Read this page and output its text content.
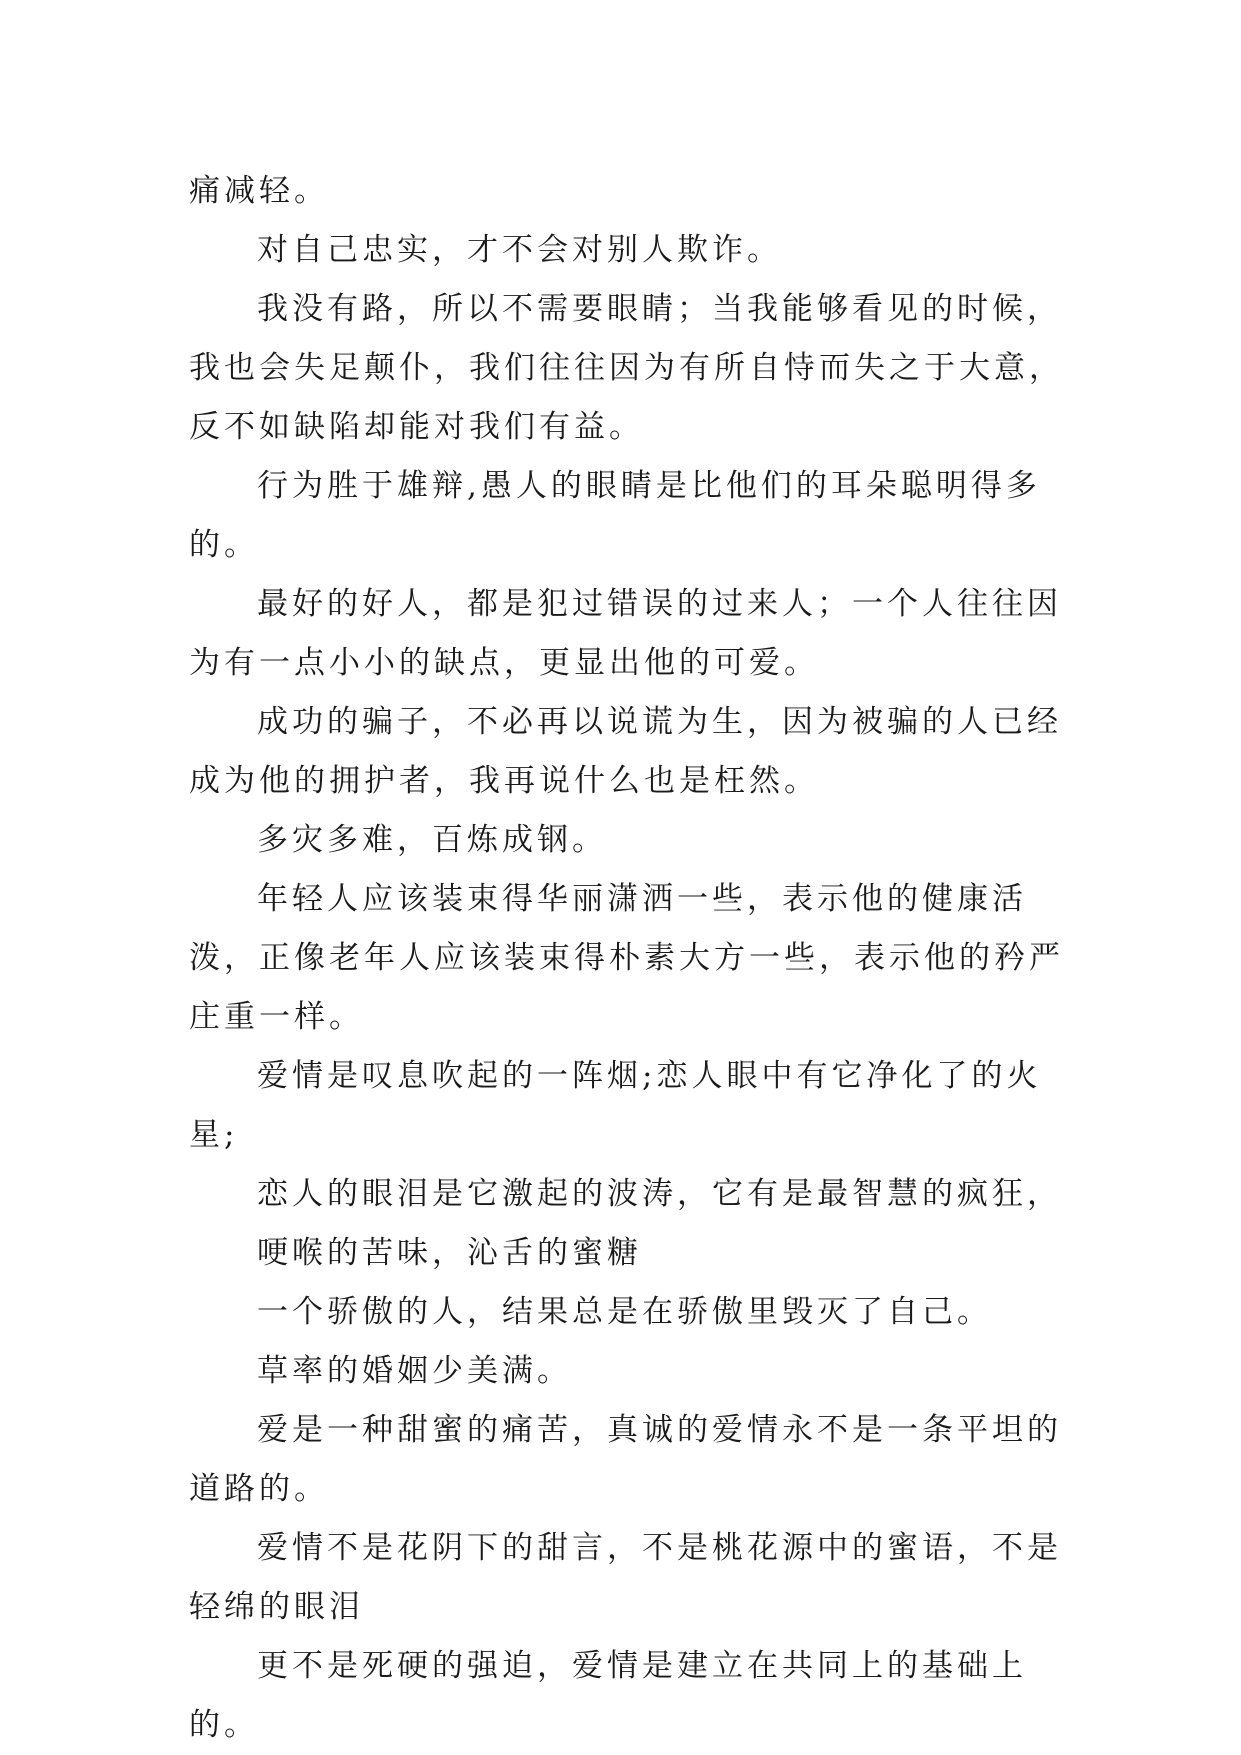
痛减轻。

对自己忠实，才不会对别人欺诈。

我没有路，所以不需要眼睛；当我能够看见的时候，我也会失足颠仆，我们往往因为有所自恃而失之于大意，反不如缺陷却能对我们有益。

行为胜于雄辩,愚人的眼睛是比他们的耳朵聪明得多的。

最好的好人，都是犯过错误的过来人；一个人往往因为有一点小小的缺点，更显出他的可爱。

成功的骗子，不必再以说谎为生，因为被骗的人已经成为他的拥护者，我再说什么也是枉然。

多灾多难，百炼成钢。

年轻人应该装束得华丽潇洒一些，表示他的健康活泼，正像老年人应该装束得朴素大方一些，表示他的矜严庄重一样。

爱情是叹息吹起的一阵烟;恋人眼中有它净化了的火星;

恋人的眼泪是它激起的波涛，它有是最智慧的疯狂，

哽喉的苦味，沁舌的蜜糖

一个骄傲的人，结果总是在骄傲里毁灭了自己。

草率的婚姻少美满。

爱是一种甜蜜的痛苦，真诚的爱情永不是一条平坦的道路的。

爱情不是花阴下的甜言，不是桃花源中的蜜语，不是轻绵的眼泪

更不是死硬的强迫，爱情是建立在共同上的基础上的。
